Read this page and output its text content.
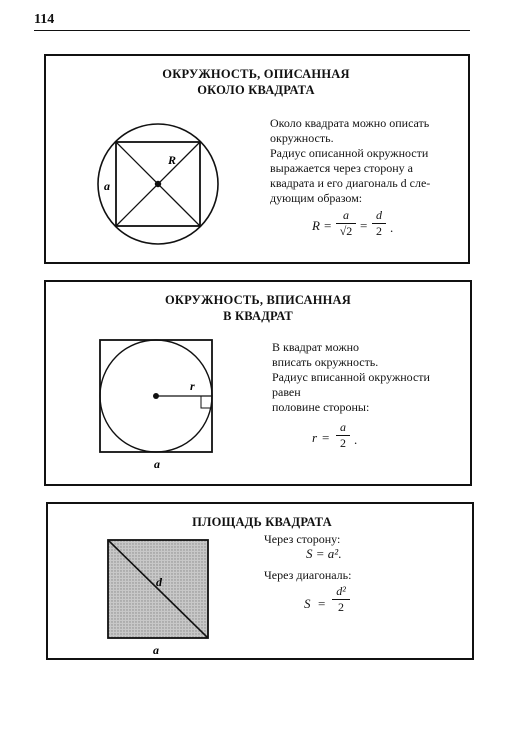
114
ОКРУЖНОСТЬ, ОПИСАННАЯ
ОКОЛО КВАДРАТА
R
a
Около квадрата можно описать
окружность.
Радиус описанной окружности
выражается через сторону a
квадрата и его диагональ d сле-
дующим образом:
$R = \frac{a}{√2} = \frac{d}{2}$ .
ОКРУЖНОСТЬ, ВПИСАННАЯ
В КВАДРАТ
r
a
В квадрат можно
вписать окружность.
Радиус вписанной окружности
равен
половине стороны:
$r = \frac{a}{2}$ .
ПЛОЩАДЬ КВАДРАТА
d
a
Через сторону:
S = a².
Через диагональ:
$S = \frac{\text{d²}}{2}$
